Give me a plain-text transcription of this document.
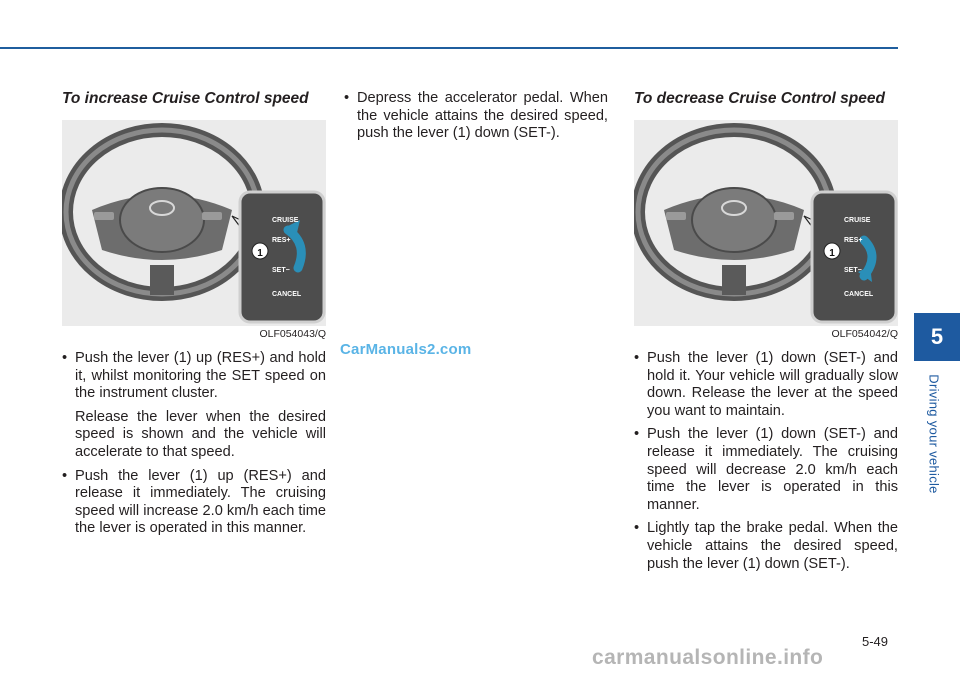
To increase Cruise Control speed
CRUISE
RES+
SET−
CANCEL
1
OLF054043/Q
• Push the lever (1) up (RES+) and hold it, whilst monitoring the SET speed on the instrument cluster.
Release the lever when the desired speed is shown and the vehicle will accelerate to that speed.
• Push the lever (1) up (RES+) and release it immediately. The cruising speed will increase 2.0 km/h each time the lever is operated in this manner.
• Depress the accelerator pedal. When the vehicle attains the desired speed, push the lever (1) down (SET-).
To decrease Cruise Control speed
CRUISE
RES+
SET−
CANCEL
1
OLF054042/Q
• Push the lever (1) down (SET-) and hold it. Your vehicle will gradually slow down. Release the lever at the speed you want to maintain.
• Push the lever (1) down (SET-) and release it immediately. The cruising speed will decrease 2.0 km/h each time the lever is operated in this manner.
• Lightly tap the brake pedal. When the vehicle attains the desired speed, push the lever (1) down (SET-).
CarManuals2.com
5
Driving your vehicle
5-49
carmanualsonline.info
